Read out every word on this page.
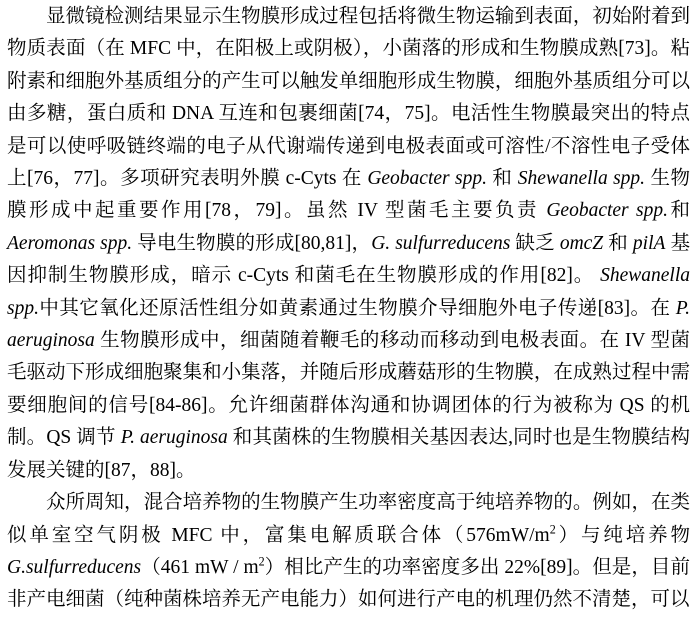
显微镜检测结果显示生物膜形成过程包括将微生物运输到表面，初始附着到物质表面（在 MFC 中，在阳极上或阴极），小菌落的形成和生物膜成熟[73]。粘附素和细胞外基质组分的产生可以触发单细胞形成生物膜，细胞外基质组分可以由多糖，蛋白质和 DNA 互连和包裹细菌[74，75]。电活性生物膜最突出的特点是可以使呼吸链终端的电子从代谢端传递到电极表面或可溶性/不溶性电子受体上[76，77]。多项研究表明外膜 c-Cyts 在 Geobacter spp. 和 Shewanella spp. 生物膜形成中起重要作用[78，79]。虽然 IV 型菌毛主要负责 Geobacter spp.和 Aeromonas spp. 导电生物膜的形成[80,81]，G. sulfurreducens 缺乏 omcZ 和 pilA 基因抑制生物膜形成，暗示 c-Cyts 和菌毛在生物膜形成的作用[82]。 Shewanella spp.中其它氧化还原活性组分如黄素通过生物膜介导细胞外电子传递[83]。在 P. aeruginosa 生物膜形成中，细菌随着鞭毛的移动而移动到电极表面。在 IV 型菌毛驱动下形成细胞聚集和小集落，并随后形成蘑菇形的生物膜，在成熟过程中需要细胞间的信号[84-86]。允许细菌群体沟通和协调团体的行为被称为 QS 的机制。QS 调节 P. aeruginosa 和其菌株的生物膜相关基因表达,同时也是生物膜结构发展关键的[87，88]。

众所周知，混合培养物的生物膜产生功率密度高于纯培养物的。例如，在类似单室空气阴极 MFC 中，富集电解质联合体$(576mW/m^2)$与纯培养物G.sulfurreducens（461 mW / $m^2$）相比产生的功率密度多出 22%[89]。但是，目前非产电细菌（纯种菌株培养无产电能力）如何进行产电的机理仍然不清楚，可以
